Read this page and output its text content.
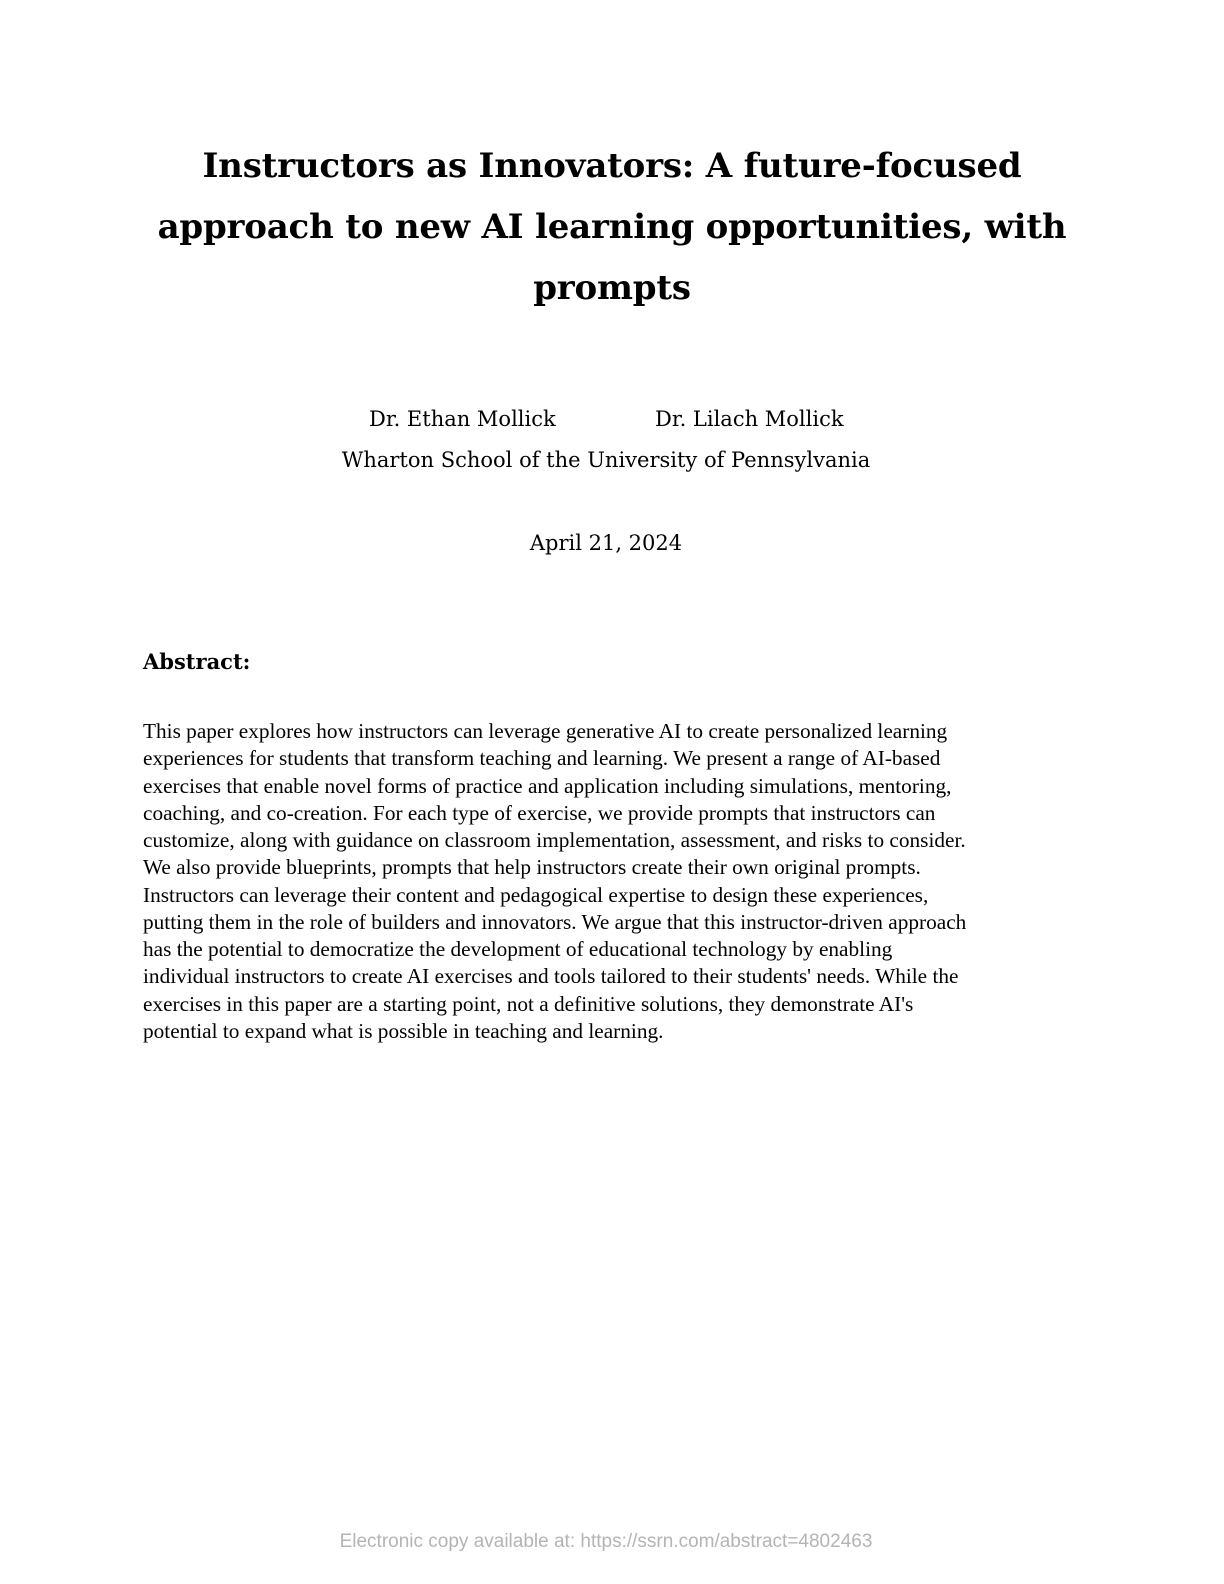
Instructors as Innovators: A future-focused approach to new AI learning opportunities, with prompts
Dr. Ethan Mollick	Dr. Lilach Mollick
Wharton School of the University of Pennsylvania
April 21, 2024
Abstract:
This paper explores how instructors can leverage generative AI to create personalized learning
experiences for students that transform teaching and learning. We present a range of AI-based
exercises that enable novel forms of practice and application including simulations, mentoring,
coaching, and co-creation. For each type of exercise, we provide prompts that instructors can
customize, along with guidance on classroom implementation, assessment, and risks to consider.
We also provide blueprints, prompts that help instructors create their own original prompts.
Instructors can leverage their content and pedagogical expertise to design these experiences,
putting them in the role of builders and innovators. We argue that this instructor-driven approach
has the potential to democratize the development of educational technology by enabling
individual instructors to create AI exercises and tools tailored to their students' needs. While the
exercises in this paper are a starting point, not a definitive solutions, they demonstrate AI's
potential to expand what is possible in teaching and learning.
Electronic copy available at: https://ssrn.com/abstract=4802463
